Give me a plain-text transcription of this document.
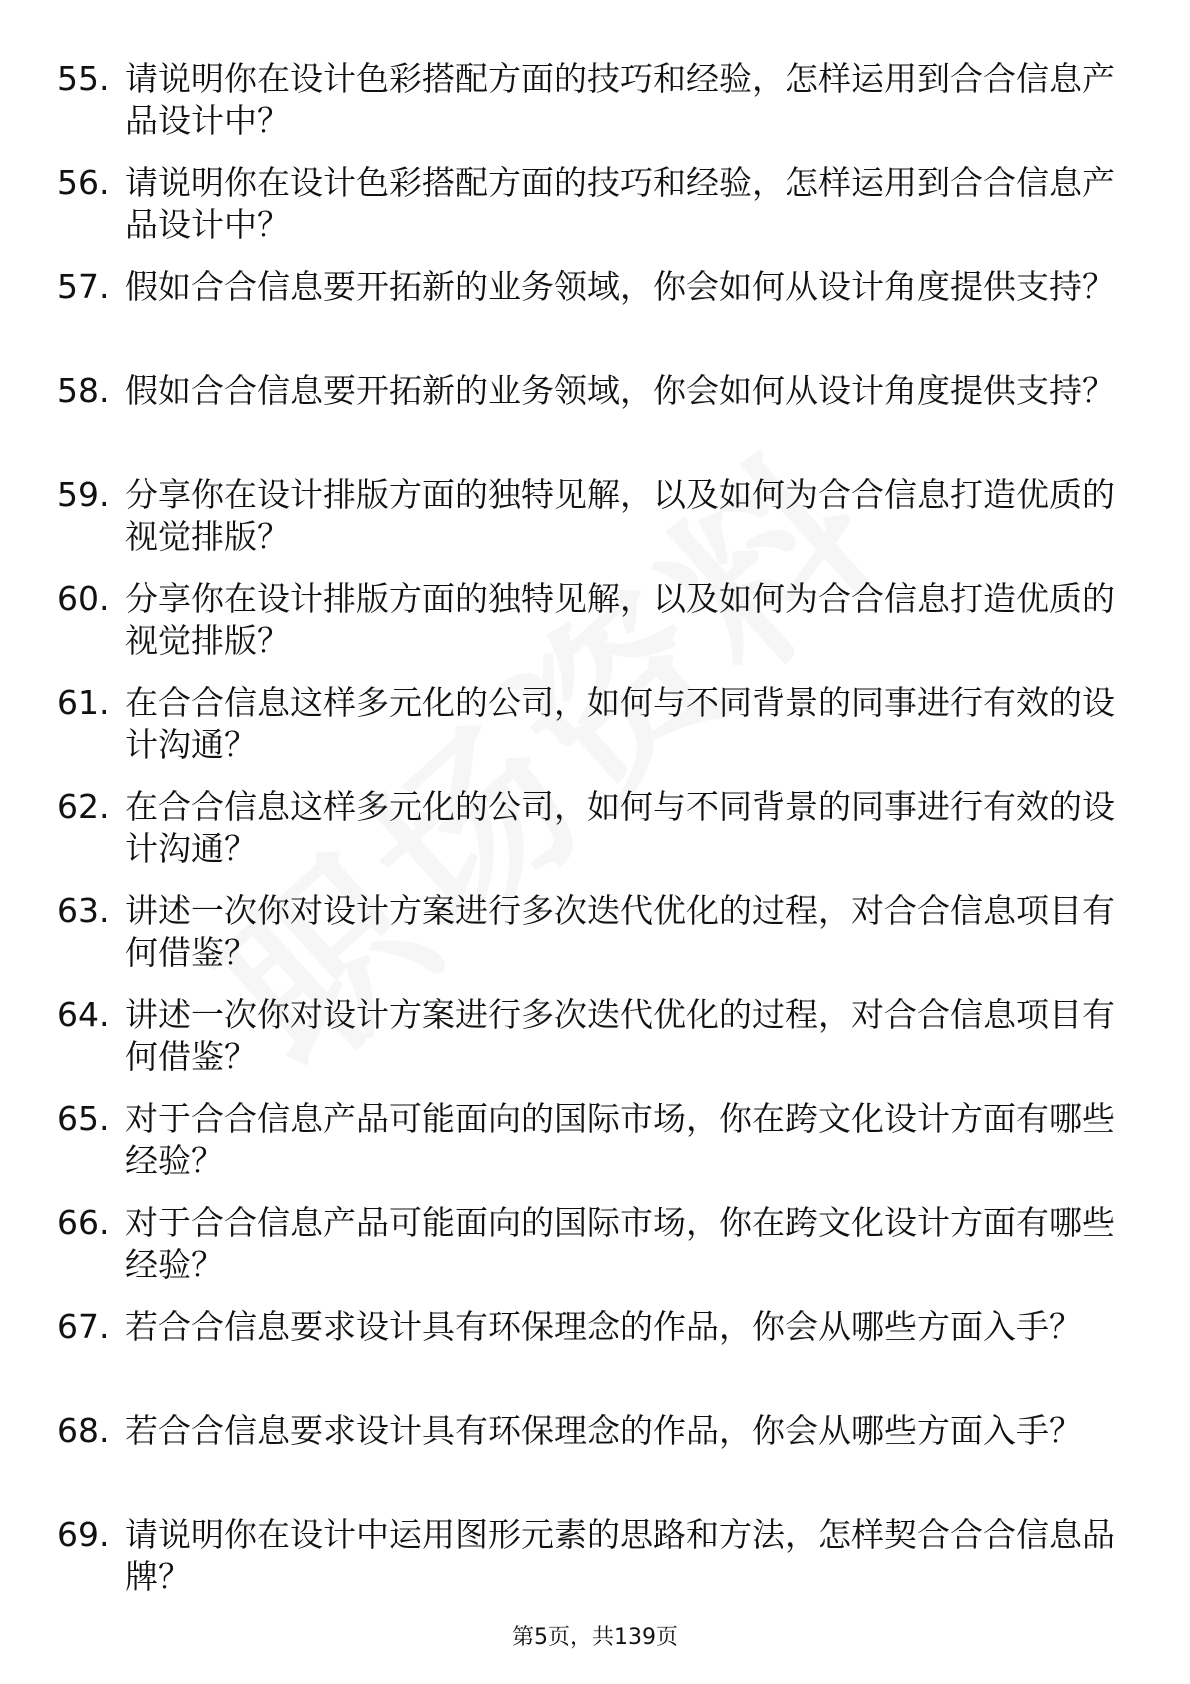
55. 请说明你在设计色彩搭配方面的技巧和经验，怎样运用到合合信息产品设计中？
56. 请说明你在设计色彩搭配方面的技巧和经验，怎样运用到合合信息产品设计中？
57. 假如合合信息要开拓新的业务领域，你会如何从设计角度提供支持？
58. 假如合合信息要开拓新的业务领域，你会如何从设计角度提供支持？
59. 分享你在设计排版方面的独特见解，以及如何为合合信息打造优质的视觉排版？
60. 分享你在设计排版方面的独特见解，以及如何为合合信息打造优质的视觉排版？
61. 在合合信息这样多元化的公司，如何与不同背景的同事进行有效的设计沟通？
62. 在合合信息这样多元化的公司，如何与不同背景的同事进行有效的设计沟通？
63. 讲述一次你对设计方案进行多次迭代优化的过程，对合合信息项目有何借鉴？
64. 讲述一次你对设计方案进行多次迭代优化的过程，对合合信息项目有何借鉴？
65. 对于合合信息产品可能面向的国际市场，你在跨文化设计方面有哪些经验？
66. 对于合合信息产品可能面向的国际市场，你在跨文化设计方面有哪些经验？
67. 若合合信息要求设计具有环保理念的作品，你会从哪些方面入手？
68. 若合合信息要求设计具有环保理念的作品，你会从哪些方面入手？
69. 请说明你在设计中运用图形元素的思路和方法，怎样契合合合信息品牌？
第5页，共139页
